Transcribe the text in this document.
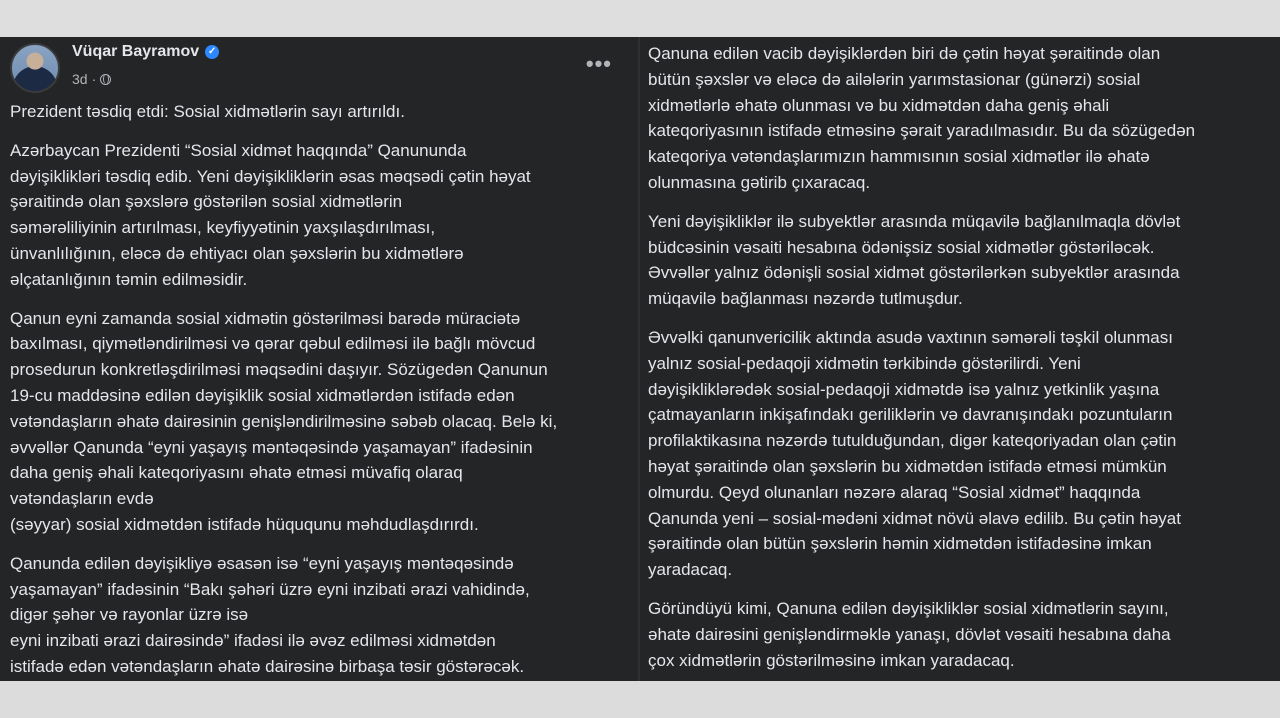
Vüqar Bayramov ✓
3d ·
•••

Prezident təsdiq etdi: Sosial xidmətlərin sayı artırıldı.

Azərbaycan Prezidenti “Sosial xidmət haqqında” Qanununda
dəyişiklikləri təsdiq edib. Yeni dəyişikliklərin əsas məqsədi çətin həyat
şəraitində olan şəxslərə göstərilən sosial xidmətlərin
səmərəliliyinin artırılması, keyfiyyətinin yaxşılaşdırılması,
ünvanlılığının, eləcə də ehtiyacı olan şəxslərin bu xidmətlərə
əlçatanlığının təmin edilməsidir.

Qanun eyni zamanda sosial xidmətin göstərilməsi barədə müraciətə
baxılması, qiymətləndirilməsi və qərar qəbul edilməsi ilə bağlı mövcud
prosedurun konkretləşdirilməsi məqsədini daşıyır. Sözügedən Qanunun
19-cu maddəsinə edilən dəyişiklik sosial xidmətlərdən istifadə edən
vətəndaşların əhatə dairəsinin genişləndirilməsinə səbəb olacaq. Belə ki,
əvvəllər Qanunda “eyni yaşayış məntəqəsində yaşamayan” ifadəsinin
daha geniş əhali kateqoriyasını əhatə etməsi müvafiq olaraq
vətəndaşların evdə
(səyyar) sosial xidmətdən istifadə hüququnu məhdudlaşdırırdı.

Qanunda edilən dəyişikliyə əsasən isə “eyni yaşayış məntəqəsində
yaşamayan” ifadəsinin “Bakı şəhəri üzrə eyni inzibati ərazi vahidində,
digər şəhər və rayonlar üzrə isə
eyni inzibati ərazi dairəsində” ifadəsi ilə əvəz edilməsi xidmətdən
istifadə edən vətəndaşların əhatə dairəsinə birbaşa təsir göstərəcək.

Qanuna edilən vacib dəyişiklərdən biri də çətin həyat şəraitində olan
bütün şəxslər və eləcə də ailələrin yarımstasionar (günərzi) sosial
xidmətlərlə əhatə olunması və bu xidmətdən daha geniş əhali
kateqoriyasının istifadə etməsinə şərait yaradılmasıdır. Bu da sözügedən
kateqoriya vətəndaşlarımızın hammısının sosial xidmətlər ilə əhatə
olunmasına gətirib çıxaracaq.

Yeni dəyişikliklər ilə subyektlər arasında müqavilə bağlanılmaqla dövlət
büdcəsinin vəsaiti hesabına ödənişsiz sosial xidmətlər göstəriləcək.
Əvvəllər yalnız ödənişli sosial xidmət göstərilərkən subyektlər arasında
müqavilə bağlanması nəzərdə tutlmuşdur.

Əvvəlki qanunvericilik aktında asudə vaxtının səmərəli təşkil olunması
yalnız sosial-pedaqoji xidmətin tərkibində göstərilirdi. Yeni
dəyişikliklərədək sosial-pedaqoji xidmətdə isə yalnız yetkinlik yaşına
çatmayanların inkişafındakı geriliklərin və davranışındakı pozuntuların
profilaktikasına nəzərdə tutulduğundan, digər kateqoriyadan olan çətin
həyat şəraitində olan şəxslərin bu xidmətdən istifadə etməsi mümkün
olmurdu. Qeyd olunanları nəzərə alaraq “Sosial xidmət” haqqında
Qanunda yeni – sosial-mədəni xidmət növü əlavə edilib. Bu çətin həyat
şəraitində olan bütün şəxslərin həmin xidmətdən istifadəsinə imkan
yaradacaq.

Göründüyü kimi, Qanuna edilən dəyişikliklər sosial xidmətlərin sayını,
əhatə dairəsini genişləndirməklə yanaşı, dövlət vəsaiti hesabına daha
çox xidmətlərin göstərilməsinə imkan yaradacaq.
